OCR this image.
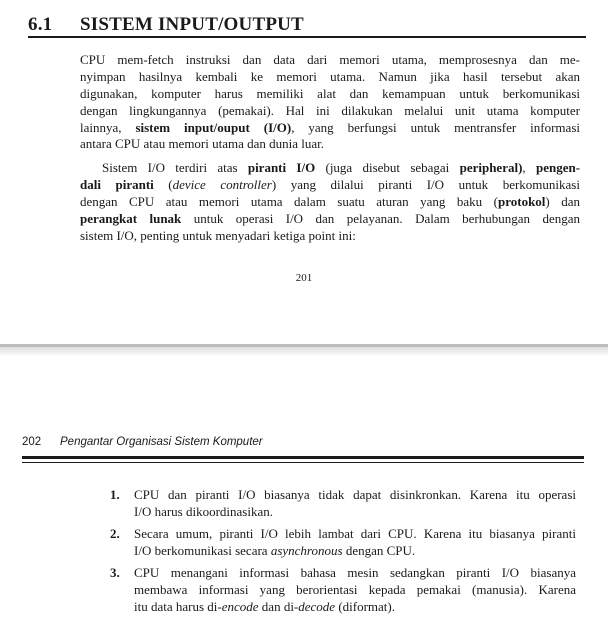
6.1 SISTEM INPUT/OUTPUT
CPU mem-fetch instruksi dan data dari memori utama, memprosesnya dan me-
nyimpan hasilnya kembali ke memori utama. Namun jika hasil tersebut akan
digunakan, komputer harus memiliki alat dan kemampuan untuk berkomunikasi
dengan lingkungannya (pemakai). Hal ini dilakukan melalui unit utama komputer
lainnya, sistem input/ouput (I/O), yang berfungsi untuk mentransfer informasi
antara CPU atau memori utama dan dunia luar.
Sistem I/O terdiri atas piranti I/O (juga disebut sebagai peripheral), pengen-
dali piranti (device controller) yang dilalui piranti I/O untuk berkomunikasi
dengan CPU atau memori utama dalam suatu aturan yang baku (protokol) dan
perangkat lunak untuk operasi I/O dan pelayanan. Dalam berhubungan dengan
sistem I/O, penting untuk menyadari ketiga point ini:
201
202 Pengantar Organisasi Sistem Komputer
1. CPU dan piranti I/O biasanya tidak dapat disinkronkan. Karena itu operasi
I/O harus dikoordinasikan.
2. Secara umum, piranti I/O lebih lambat dari CPU. Karena itu biasanya piranti
I/O berkomunikasi secara asynchronous dengan CPU.
3. CPU menangani informasi bahasa mesin sedangkan piranti I/O biasanya
membawa informasi yang berorientasi kepada pemakai (manusia). Karena
itu data harus di-encode dan di-decode (diformat).
